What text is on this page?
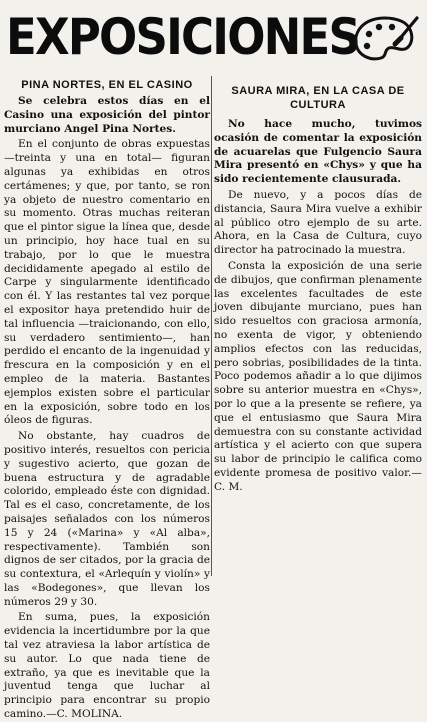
EXPOSICIONES
PINA NORTES, EN EL CASINO

Se celebra estos días en el Casino una exposición del pintor murciano Angel Pina Nortes.

En el conjunto de obras expuestas —treinta y una en total— figuran algunas ya exhibidas en otros certámenes; y que, por tanto, se ron ya objeto de nuestro comentario en su momento. Otras muchas reiteran que el pintor sigue la línea que, desde un principio, hoy hace tual en su trabajo, por lo que le muestra decididamente apegado al estilo de Carpe y singularmente identificado con él. Y las restantes tal vez porque el expositor haya pretendido huir de tal influencia —traicionando, con ello, su verdadero sentimiento—, han perdido el encanto de la ingenuidad y frescura en la composición y en el empleo de la materia. Bastantes ejemplos existen sobre el particular en la exposición, sobre todo en los óleos de figuras.

No obstante, hay cuadros de positivo interés, resueltos con pericia y sugestivo acierto, que gozan de buena estructura y de agradable colorido, empleado éste con dignidad. Tal es el caso, concretamente, de los paisajes señalados con los números 15 y 24 («Marina» y «Al alba», respectivamente). También son dignos de ser citados, por la gracia de su contextura, el «Arlequín y violín» y las «Bodegones», que llevan los números 29 y 30.

En suma, pues, la exposición evidencia la incertidumbre por la que tal vez atraviesa la labor artística de su autor. Lo que nada tiene de extraño, ya que es inevitable que la juventud tenga que luchar al principio para encontrar su propio camino.—C. MOLINA.

SAURA MIRA, EN LA CASA DE CULTURA

No hace mucho, tuvimos ocasión de comentar la exposición de acuarelas que Fulgencio Saura Mira presentó en «Chys» y que ha sido recientemente clausurada.

De nuevo, y a pocos días de distancia, Saura Mira vuelve a exhibir al público otro ejemplo de su arte. Ahora, en la Casa de Cultura, cuyo director ha patrocinado la muestra.

Consta la exposición de una serie de dibujos, que confirman plenamente las excelentes facultades de este joven dibujante murciano, pues han sido resueltos con graciosa armonía, no exenta de vigor, y obteniendo amplios efectos con las reducidas, pero sobrias, posibilidades de la tinta. Poco podemos añadir a lo que dijimos sobre su anterior muestra en «Chys», por lo que a la presente se refiere, ya que el entusiasmo que Saura Mira demuestra con su constante actividad artística y el acierto con que supera su labor de principio le califica como evidente promesa de positivo valor.—C. M.
